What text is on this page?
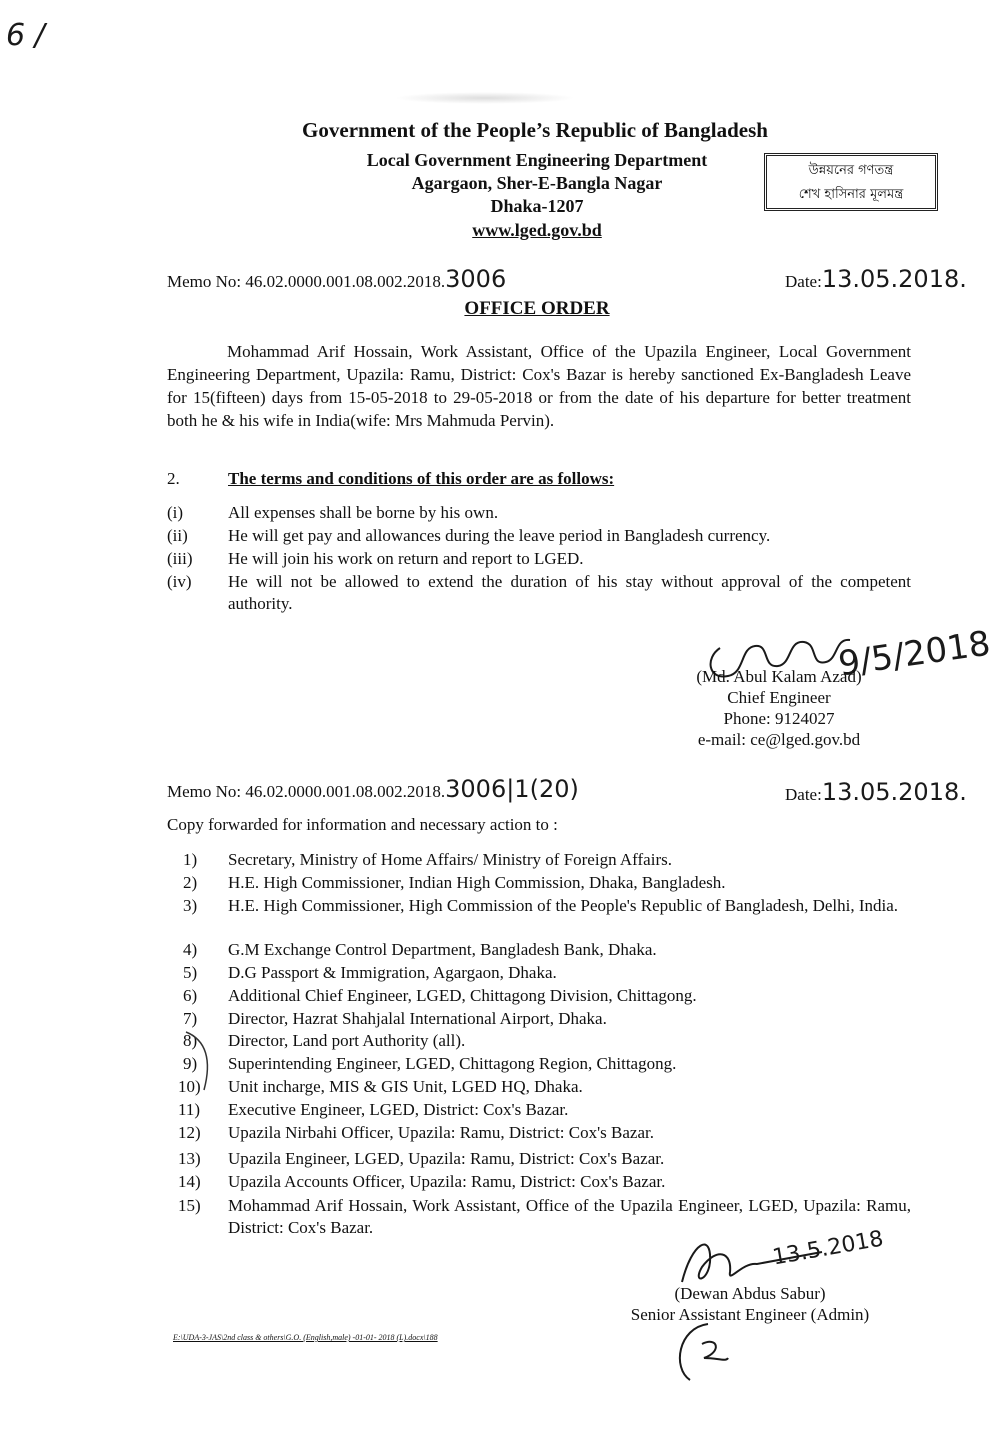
6 /
Government of the People’s Republic of Bangladesh
Local Government Engineering Department
Agargaon, Sher-E-Bangla Nagar
Dhaka-1207
www.lged.gov.bd
উন্নয়নের গণতন্ত্র
শেখ হাসিনার মূলমন্ত্র
Memo No: 46.02.0000.001.08.002.2018.3006	Date:13.05.2018.
OFFICE ORDER

Mohammad Arif Hossain, Work Assistant, Office of the Upazila Engineer, Local Government Engineering Department, Upazila: Ramu, District: Cox's Bazar is hereby sanctioned Ex-Bangladesh Leave for 15(fifteen) days from 15-05-2018 to 29-05-2018 or from the date of his departure for better treatment both he & his wife in India(wife: Mrs Mahmuda Pervin).

2.	The terms and conditions of this order are as follows:
(i)	All expenses shall be borne by his own.
(ii) He will get pay and allowances during the leave period in Bangladesh currency.
(iii) He will join his work on return and report to LGED.
(iv) He will not be allowed to extend the duration of his stay without approval of the competent authority.
9/5/2018
(Md. Abul Kalam Azad)
Chief Engineer
Phone: 9124027
e-mail: ce@lged.gov.bd
Memo No: 46.02.0000.001.08.002.2018.3006|1(20)	Date:13.05.2018.
Copy forwarded for information and necessary action to :
1) Secretary, Ministry of Home Affairs/ Ministry of Foreign Affairs.
2) H.E. High Commissioner, Indian High Commission, Dhaka, Bangladesh.
3) H.E. High Commissioner, High Commission of the People's Republic of Bangladesh, Delhi, India.
4) G.M Exchange Control Department, Bangladesh Bank, Dhaka.
5) D.G Passport & Immigration, Agargaon, Dhaka.
6) Additional Chief Engineer, LGED, Chittagong Division, Chittagong.
7) Director, Hazrat Shahjalal International Airport, Dhaka.
8) Director, Land port Authority (all).
9) Superintending Engineer, LGED, Chittagong Region, Chittagong.
10) Unit incharge, MIS & GIS Unit, LGED HQ, Dhaka.
11) Executive Engineer, LGED, District: Cox's Bazar.
12) Upazila Nirbahi Officer, Upazila: Ramu, District: Cox's Bazar.
13) Upazila Engineer, LGED, Upazila: Ramu, District: Cox's Bazar.
14) Upazila Accounts Officer, Upazila: Ramu, District: Cox's Bazar.
15) Mohammad Arif Hossain, Work Assistant, Office of the Upazila Engineer, LGED, Upazila: Ramu, District: Cox's Bazar.	13.5.2018
(Dewan Abdus Sabur)
Senior Assistant Engineer (Admin)
E:\UDA-3-JAS\2nd class & others\G.O. (English,male) -01-01- 2018 (L).docx\188
